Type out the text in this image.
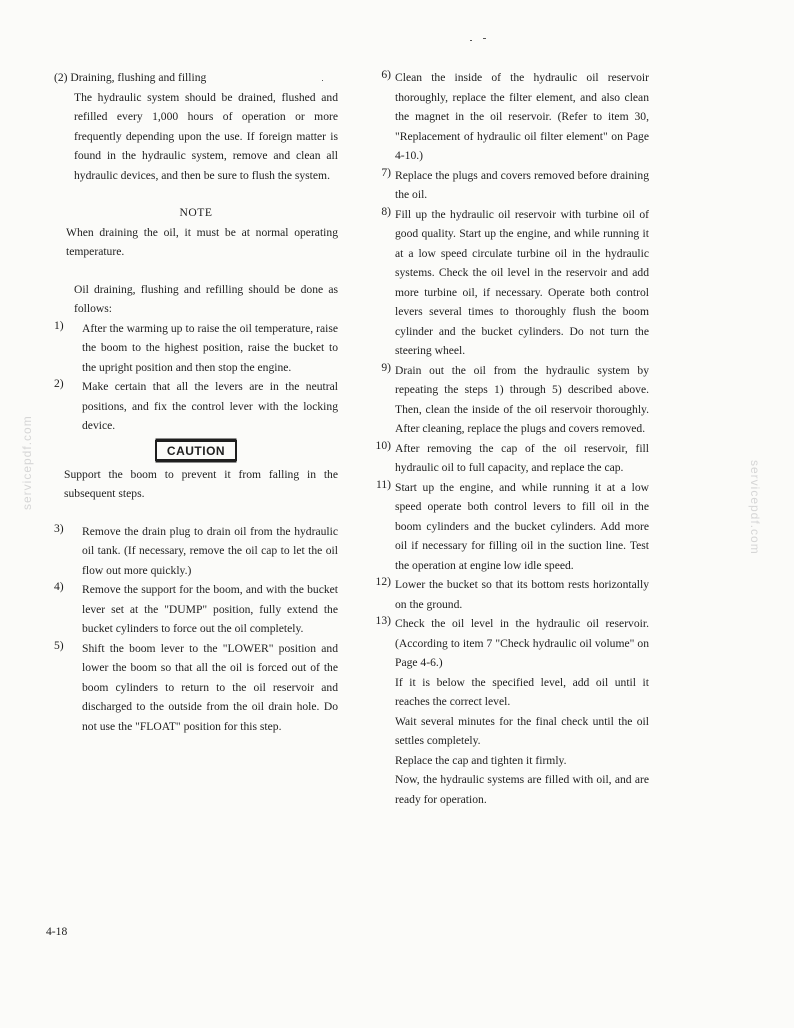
servicepdf.com	servicepdf.com

(2) Draining, flushing and filling

The hydraulic system should be drained, flushed and refilled every 1,000 hours of operation or more frequently depending upon the use. If foreign matter is found in the hydraulic system, remove and clean all hydraulic devices, and then be sure to flush the system.

NOTE

When draining the oil, it must be at normal operating temperature.

Oil draining, flushing and refilling should be done as follows:

1)	After the warming up to raise the oil temperature, raise the boom to the highest position, raise the bucket to the upright position and then stop the engine.
2)	Make certain that all the levers are in the neutral positions, and fix the control lever with the locking device.
CAUTION

Support the boom to prevent it from falling in the subsequent steps.

3)	Remove the drain plug to drain oil from the hydraulic oil tank. (If necessary, remove the oil cap to let the oil flow out more quickly.)
4)	Remove the support for the boom, and with the bucket lever set at the "DUMP" position, fully extend the bucket cylinders to force out the oil completely.
5)	Shift the boom lever to the "LOWER" position and lower the boom so that all the oil is forced out of the boom cylinders to return to the oil reservoir and discharged to the outside from the oil drain hole. Do not use the "FLOAT" position for this step.
6) Clean the inside of the hydraulic oil reservoir thoroughly, replace the filter element, and also clean the magnet in the oil reservoir. (Refer to item 30, "Replacement of hydraulic oil filter element" on Page 4-10.)
7) Replace the plugs and covers removed before draining the oil.
8) Fill up the hydraulic oil reservoir with turbine oil of good quality. Start up the engine, and while running it at a low speed circulate turbine oil in the hydraulic systems. Check the oil level in the reservoir and add more turbine oil, if necessary. Operate both control levers several times to thoroughly flush the boom cylinder and the bucket cylinders. Do not turn the steering wheel.
9) Drain out the oil from the hydraulic system by repeating the steps 1) through 5) described above. Then, clean the inside of the oil reservoir thoroughly. After cleaning, replace the plugs and covers removed.
10) After removing the cap of the oil reservoir, fill hydraulic oil to full capacity, and replace the cap.
11) Start up the engine, and while running it at a low speed operate both control levers to fill oil in the boom cylinders and the bucket cylinders. Add more oil if necessary for filling oil in the suction line. Test the operation at engine low idle speed.
12) Lower the bucket so that its bottom rests horizontally on the ground.
13) Check the oil level in the hydraulic oil reservoir. (According to item 7 "Check hydraulic oil volume" on Page 4-6.)
If it is below the specified level, add oil until it reaches the correct level.
Wait several minutes for the final check until the oil settles completely.
Replace the cap and tighten it firmly.
Now, the hydraulic systems are filled with oil, and are ready for operation.
4-18
